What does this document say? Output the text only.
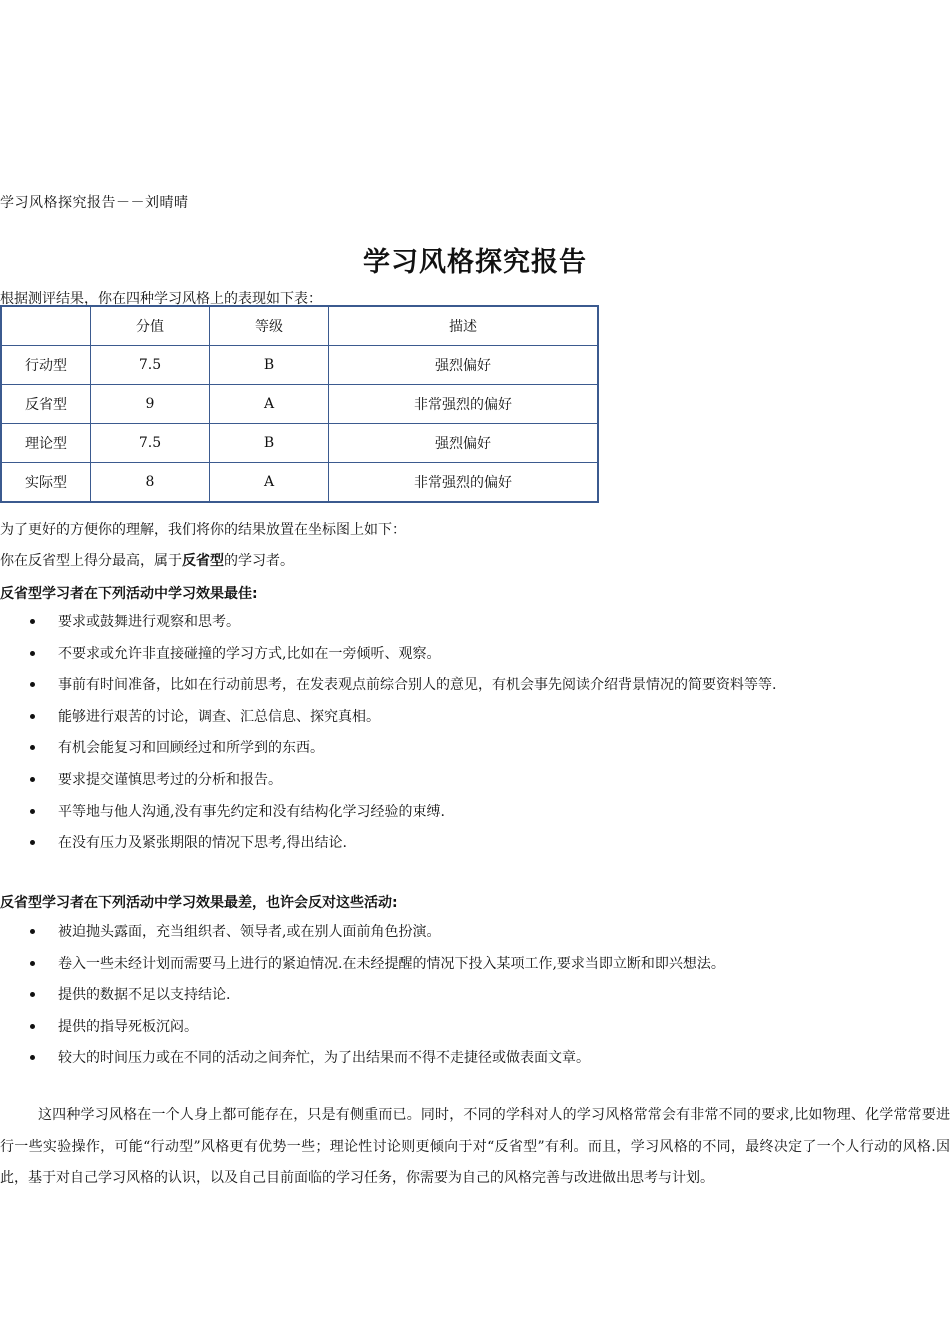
学习风格探究报告－－刘晴晴
学习风格探究报告
根据测评结果，你在四种学习风格上的表现如下表：
	分值	等级	描述
行动型	7.5	B	强烈偏好
反省型	9	A	非常强烈的偏好
理论型	7.5	B	强烈偏好
实际型	8	A	非常强烈的偏好
为了更好的方便你的理解，我们将你的结果放置在坐标图上如下：
你在反省型上得分最高，属于反省型的学习者。
反省型学习者在下列活动中学习效果最佳:
要求或鼓舞进行观察和思考。
不要求或允许非直接碰撞的学习方式,比如在一旁倾听、观察。
事前有时间准备，比如在行动前思考，在发表观点前综合别人的意见，有机会事先阅读介绍背景情况的简要资料等等.
能够进行艰苦的讨论，调查、汇总信息、探究真相。
有机会能复习和回顾经过和所学到的东西。
要求提交谨慎思考过的分析和报告。
平等地与他人沟通,没有事先约定和没有结构化学习经验的束缚.
在没有压力及紧张期限的情况下思考,得出结论.
反省型学习者在下列活动中学习效果最差，也许会反对这些活动:
被迫抛头露面，充当组织者、领导者,或在别人面前角色扮演。
卷入一些未经计划而需要马上进行的紧迫情况.在未经提醒的情况下投入某项工作,要求当即立断和即兴想法。
提供的数据不足以支持结论.
提供的指导死板沉闷。
较大的时间压力或在不同的活动之间奔忙，为了出结果而不得不走捷径或做表面文章。
这四种学习风格在一个人身上都可能存在，只是有侧重而已。同时，不同的学科对人的学习风格常常会有非常不同的要求,比如物理、化学常常要进行一些实验操作，可能“行动型”风格更有优势一些；理论性讨论则更倾向于对“反省型”有利。而且，学习风格的不同，最终决定了一个人行动的风格.因此，基于对自己学习风格的认识，以及自己目前面临的学习任务，你需要为自己的风格完善与改进做出思考与计划。
